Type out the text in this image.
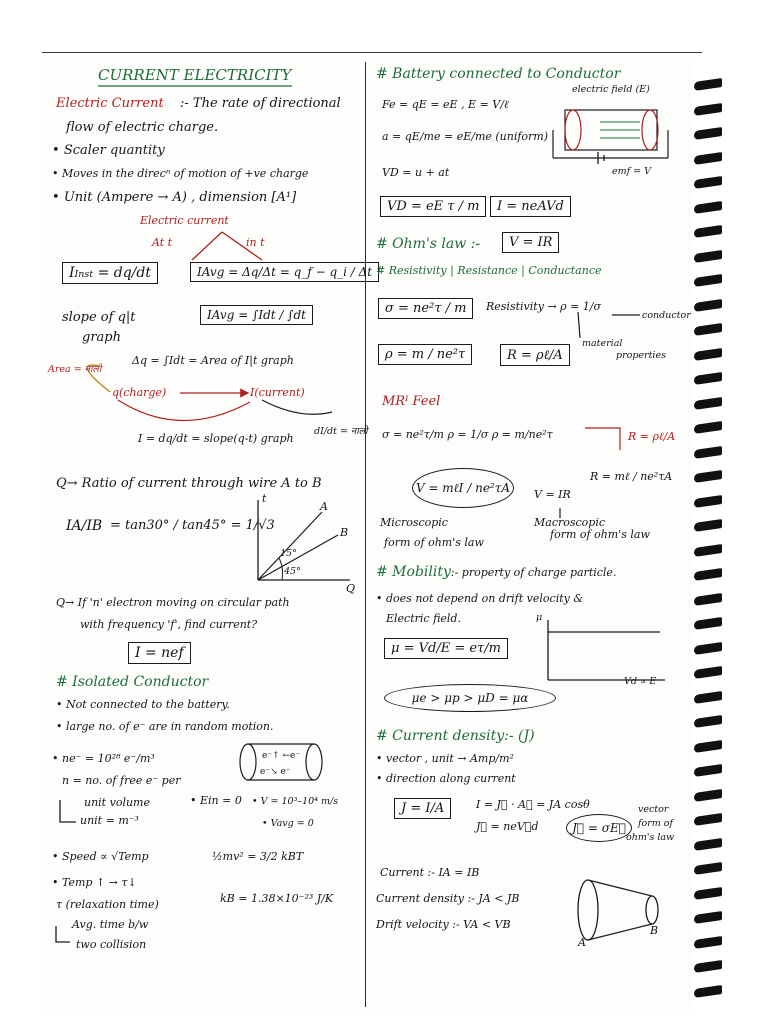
e⁻↑ ←e⁻
e⁻↘ e⁻
CURRENT ELECTRICITY
Electric Current :- The rate of directional
flow of electric charge.
• Scaler quantity
• Moves in the direcⁿ of motion of +ve charge
• Unit (Ampere → A) , dimension [A¹]
Electric current
At t	in t
IInst = dq/dt	IAvg = Δq/Δt = q_f − q_i / Δt
IAvg = ∫Idt / ∫dt
slope of q|t
graph
Area = नालो
Δq = ∫Idt = Area of I|t graph
q(charge)	I(current)
I = dq/dt = slope(q-t) graph
dI/dt = नालो
Q→ Ratio of current through wire A to B
IA/IB = tan30° / tan45° = 1/√3
t
Q
A
B
45°
15°
Q→ If 'n' electron moving on circular path
with frequency 'f', find current?
I = nef
# Isolated Conductor
• Not connected to the battery.
• large no. of e⁻ are in random motion.
• ne⁻ = 10²⁸ e⁻/m³
n = no. of free e⁻ per
unit volume
unit = m⁻³
• Ein = 0 • V = 10³–10⁴ m/s
• Vavg = 0
• Speed ∝ √Temp	½mv² = 3/2 kBT
• Temp ↑ → τ↓
τ (relaxation time)	kB = 1.38×10⁻²³ J/K
Avg. time b/w
two collision
# Battery connected to Conductor
electric field (E)
Fe = qE = eE , E = V/ℓ
a = qE/me = eE/me (uniform)
VD = u + at	emf = V
VD = eE τ / m	I = neAVd
# Ohm's law :-	V = IR
# Resistivity | Resistance | Conductance
σ = ne²τ / m	Resistivity → ρ = 1/σ
conductor
material
properties
ρ = m / ne²τ	R = ρℓ/A
MRᴵ Feel
σ = ne²τ/m ρ = 1/σ ρ = m/ne²τ	R = ρℓ/A
R = mℓ / ne²τA
V = mℓI / ne²τA	V = IR
Microscopic
form of ohm's law
Macroscopic
form of ohm's law
# Mobility:- property of charge particle.
• does not depend on drift velocity &
Electric field.	μ
μ = Vd/E = eτ/m
Vd ∝ E
μe > μp > μD = μα
# Current density:- (J)
• vector , unit → Amp/m²
• direction along current
J = I/A	I = J⃗ · A⃗ = JA cosθ
J⃗ = neV⃗d	J⃗ = σE⃗
vector
form of
ohm's law
Current :- IA = IB
Current density :- JA < JB
Drift velocity :- VA < VB
A
B
